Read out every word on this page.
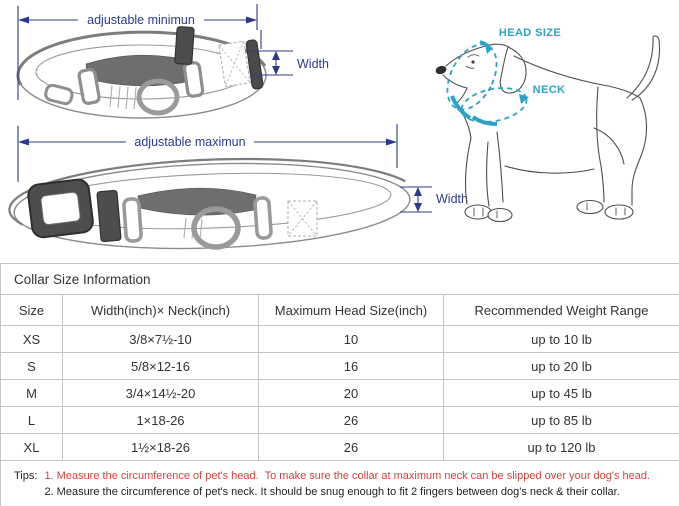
adjustable minimun
Width
adjustable maximun
Width
HEAD SIZE
NECK
Collar Size Information			
Size	Width(inch)× Neck(inch)	Maximum Head Size(inch)	Recommended Weight Range
XS	3/8×7½-10	10	up to 10 lb
S	5/8×12-16	16	up to 20 lb
M	3/4×14½-20	20	up to 45 lb
L	1×18-26	26	up to 85 lb
XL	1½×18-26	26	up to 120 lb

Tips: 1. Measure the circumference of pet's head.  To make sure the collar at maximum neck can be slipped over your dog's head.
2. Measure the circumference of pet's neck. It should be snug enough to fit 2 fingers between dog's neck & their collar.			
